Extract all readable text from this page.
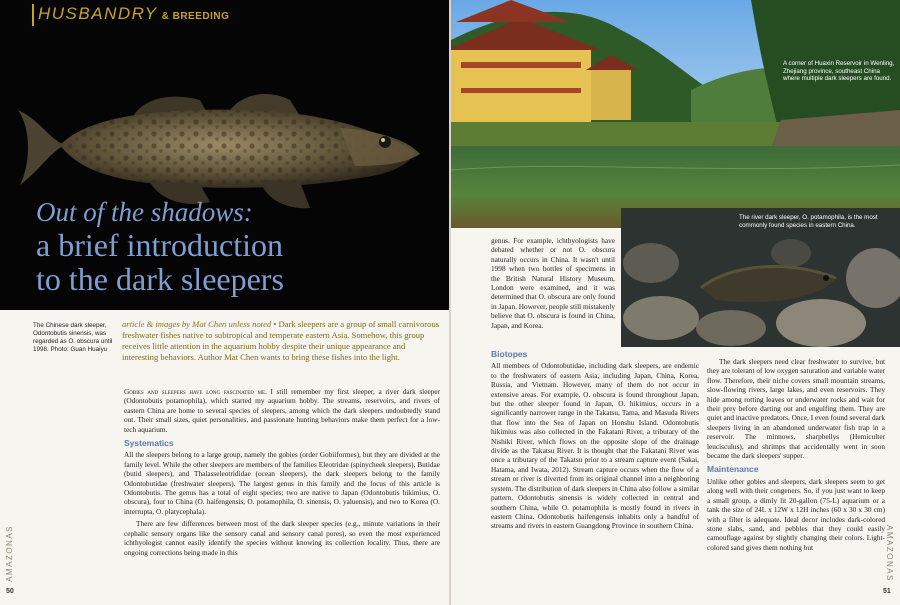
HUSBANDRY & BREEDING
Out of the shadows:
a brief introduction
to the dark sleepers
The Chinese dark sleeper, Odontobutis sinensis, was regarded as O. obscura until 1998. Photo: Guan Huaiyu
article & images by Mat Chen unless noted • Dark sleepers are a group of small carnivorous freshwater fishes native to subtropical and temperate eastern Asia. Somehow, this group receives little attention in the aquarium hobby despite their unique appearance and interesting behaviors. Author Mat Chen wants to bring these fishes into the light.

Gobies and sleepers have long fascinated me. I still remember my first sleeper, a river dark sleeper (Odontobutis potamophila), which started my aquarium hobby. The streams, reservoirs, and rivers of eastern China are home to several species of sleepers, among which the dark sleepers undoubtedly stand out. Their small sizes, quiet personalities, and passionate hunting behaviors make them perfect for a low-tech aquarium.

Systematics

All the sleepers belong to a large group, namely the gobies (order Gobiiformes), but they are divided at the family level. While the other sleepers are members of the families Eleotridae (spinycheek sleepers), Butidae (butid sleepers), and Thalasseleotrididae (ocean sleepers), the dark sleepers belong to the family Odontobutidae (freshwater sleepers). The largest genus in this family and the focus of this article is Odontobutis. The genus has a total of eight species; two are native to Japan (Odontobutis hikimius, O. obscura), four to China (O. haifengensis, O. potamophila, O. sinensis, O. yaluensis), and two to Korea (O. interrupta, O. platycephala).

There are few differences between most of the dark sleeper species (e.g., minute variations in their cephalic sensory organs like the sensory canal and sensory canal pores), so even the most experienced ichthyologist cannot easily identify the species without knowing its collection locality. Thus, there are ongoing corrections being made in this

AMAZONAS
50
A corner of Huaxin Reservoir in Wenling, Zhejiang province, southeast China where multiple dark sleepers are found.
The river dark sleeper, O. potamophila, is the most commonly found species in eastern China.
genus. For example, ichthyologists have debated whether or not O. obscura naturally occurs in China. It wasn't until 1998 when two bottles of specimens in the British Natural History Museum, London were examined, and it was determined that O. obscura are only found in Japan. However, people still mistakenly believe that O. obscura is found in China, Japan, and Korea.
Biotopes

All members of Odontobutidae, including dark sleepers, are endemic to the freshwaters of eastern Asia, including Japan, China, Korea, Russia, and Vietnam. However, many of them do not occur in extensive areas. For example, O. obscura is found throughout Japan, but the other sleeper found in Japan, O. hikimius, occurs in a significantly narrower range in the Takatsu, Tama, and Masuda Rivers that flow into the Sea of Japan on Honshu Island. Odontobutis hikimius was also collected in the Fakatani River, a tributary of the Nishiki River, which flows on the opposite slope of the drainage divide as the Takatsu River. It is thought that the Fakatani River was once a tributary of the Takatsu prior to a stream capture event (Sakai, Hatama, and Iwata, 2012). Stream capture occurs when the flow of a stream or river is diverted from its original channel into a neighboring system. The distribution of dark sleepers in China also follow a similar pattern. Odontobutis sinensis is widely collected in central and southern China, while O. potamophila is mostly found in rivers in eastern China. Odontobutis haifengensis inhabits only a handful of streams and rivers in eastern Guangdong Province in southern China.

The dark sleepers need clear freshwater to survive, but they are tolerant of low oxygen saturation and variable water flow. Therefore, their niche covers small mountain streams, slow-flowing rivers, large lakes, and even reservoirs. They hide among rotting leaves or underwater rocks and wait for their prey before darting out and engulfing them. They are quiet and inactive predators. Once, I even found several dark sleepers living in an abandoned underwater fish trap in a reservoir. The minnows, sharpbellys (Hemiculter leucisculus), and shrimps that accidentally went in soon became the dark sleepers' supper.

Maintenance

Unlike other gobies and sleepers, dark sleepers seem to get along well with their congeners. So, if you just want to keep a small group, a dimly lit 20-gallon (75-L) aquarium or a tank the size of 24L x 12W x 12H inches (60 x 30 x 30 cm) with a filter is adequate. Ideal decor includes dark-colored stone slabs, sand, and pebbles that they could easily camouflage against by slightly changing their colors. Light-colored sand gives them nothing but	AMAZONAS
51
